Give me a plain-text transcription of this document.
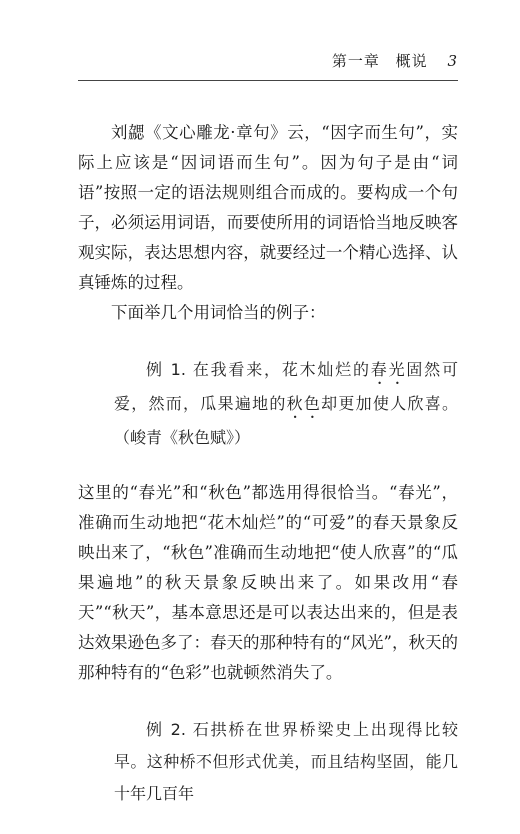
第一章 概说 3

刘勰《文心雕龙·章句》云，“因字而生句”，实际上应该是“因词语而生句”。因为句子是由“词语”按照一定的语法规则组合而成的。要构成一个句子，必须运用词语，而要使所用的词语恰当地反映客观实际，表达思想内容，就要经过一个精心选择、认真锤炼的过程。

下面举几个用词恰当的例子：

例 1. 在我看来，花木灿烂的春光固然可爱，然而，瓜果遍地的秋色却更加使人欣喜。（峻青《秋色赋》）

这里的“春光”和“秋色”都选用得很恰当。“春光”，准确而生动地把“花木灿烂”的“可爱”的春天景象反映出来了，“秋色”准确而生动地把“使人欣喜”的“瓜果遍地”的秋天景象反映出来了。如果改用“春天”“秋天”，基本意思还是可以表达出来的，但是表达效果逊色多了：春天的那种特有的“风光”，秋天的那种特有的“色彩”也就顿然消失了。

例 2. 石拱桥在世界桥梁史上出现得比较早。这种桥不但形式优美，而且结构坚固，能几十年几百年
